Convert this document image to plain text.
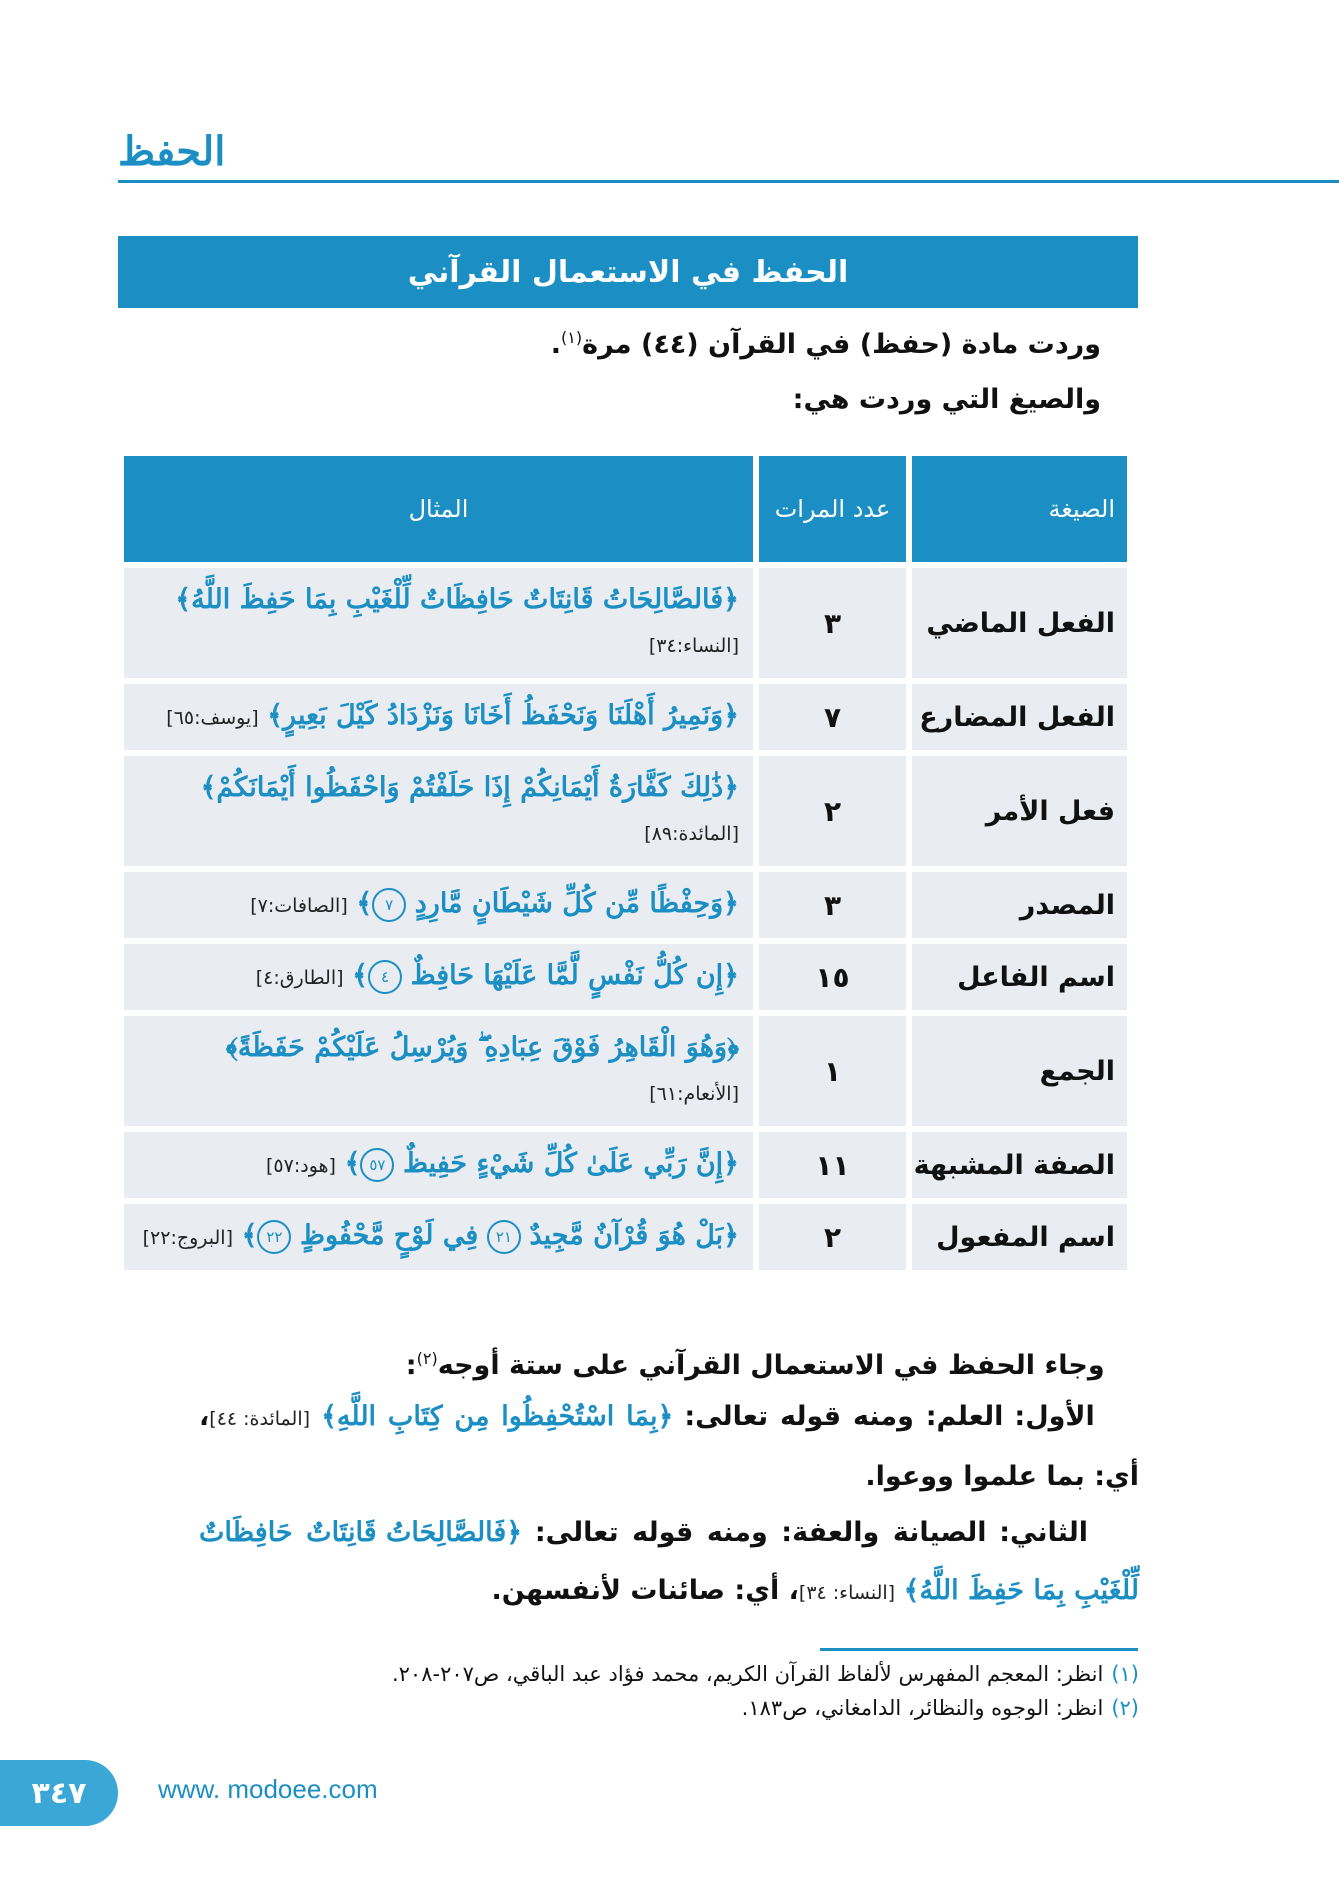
الحفظ
الحفظ في الاستعمال القرآني
وردت مادة (حفظ) في القرآن (٤٤) مرة$^{(١)}$.
والصيغ التي وردت هي:
الصيغة	عدد المرات	المثال
الفعل الماضي	٣	﴿فَالصَّالِحَاتُ قَانِتَاتٌ حَافِظَاتٌ لِّلْغَيْبِ بِمَا حَفِظَ اللَّهُ﴾ [النساء:٣٤]
الفعل المضارع	٧	﴿وَنَمِيرُ أَهْلَنَا وَنَحْفَظُ أَخَانَا وَنَزْدَادُ كَيْلَ بَعِيرٍ﴾ [يوسف:٦٥]
فعل الأمر	٢	﴿ذَٰلِكَ كَفَّارَةُ أَيْمَانِكُمْ إِذَا حَلَفْتُمْ وَاحْفَظُوا أَيْمَانَكُمْ﴾ [المائدة:٨٩]
المصدر	٣	﴿وَحِفْظًا مِّن كُلِّ شَيْطَانٍ مَّارِدٍ ٧﴾ [الصافات:٧]
اسم الفاعل	١٥	﴿إِن كُلُّ نَفْسٍ لَّمَّا عَلَيْهَا حَافِظٌ ٤﴾ [الطارق:٤]
الجمع	١	﴿وَهُوَ الْقَاهِرُ فَوْقَ عِبَادِهِ ۖ وَيُرْسِلُ عَلَيْكُمْ حَفَظَةً﴾ [الأنعام:٦١]
الصفة المشبهة	١١	﴿إِنَّ رَبِّي عَلَىٰ كُلِّ شَيْءٍ حَفِيظٌ ٥٧﴾ [هود:٥٧]
اسم المفعول	٢	﴿بَلْ هُوَ قُرْآنٌ مَّجِيدٌ ٢١ فِي لَوْحٍ مَّحْفُوظٍ ٢٢﴾ [البروج:٢٢]
وجاء الحفظ في الاستعمال القرآني على ستة أوجه$^{(٢)}$:
الأول: العلم: ومنه قوله تعالى: ﴿بِمَا اسْتُحْفِظُوا مِن كِتَابِ اللَّهِ﴾ [المائدة: ٤٤]، أي: بما علموا ووعوا.
الثاني: الصيانة والعفة: ومنه قوله تعالى: ﴿فَالصَّالِحَاتُ قَانِتَاتٌ حَافِظَاتٌ لِّلْغَيْبِ بِمَا حَفِظَ اللَّهُ﴾ [النساء: ٣٤]، أي: صائنات لأنفسهن.
(١)انظر: المعجم المفهرس لألفاظ القرآن الكريم، محمد فؤاد عبد الباقي، ص٢٠٧-٢٠٨.
(٢)انظر: الوجوه والنظائر، الدامغاني، ص١٨٣.
٣٤٧	www. modoee.com
